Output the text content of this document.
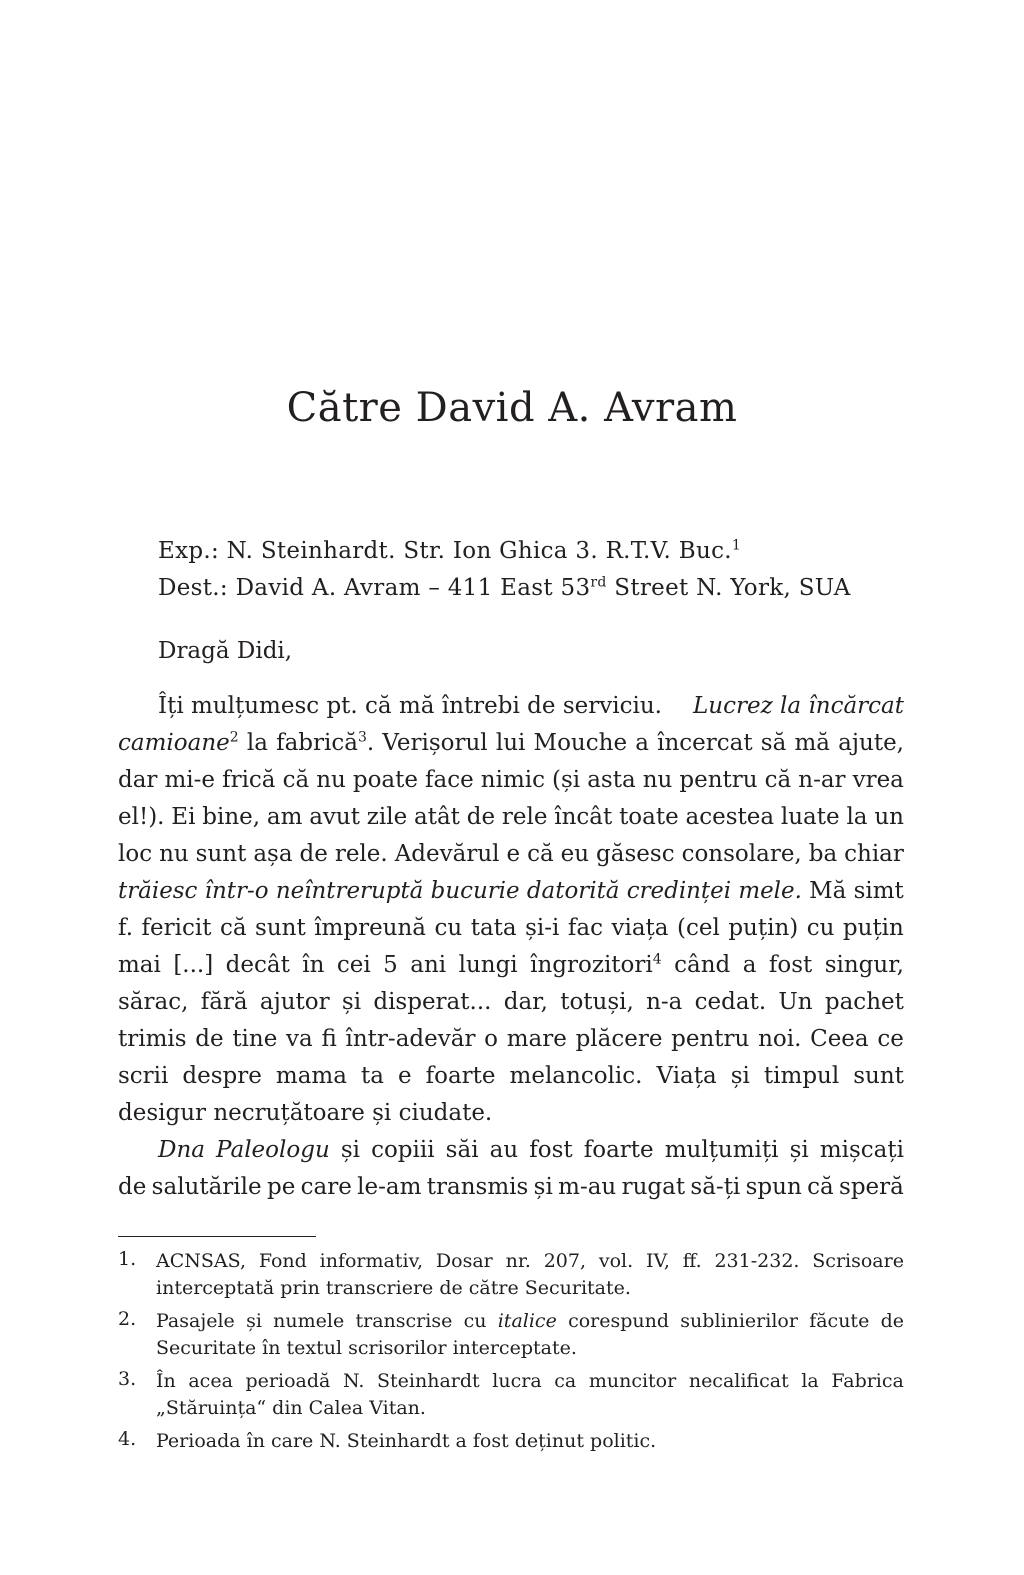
Către David A. Avram
Exp.: N. Steinhardt. Str. Ion Ghica 3. R.T.V. Buc.$^1$
Dest.: David A. Avram – 411 East 53rd Street N. York, SUA
Dragă Didi,
Îți mulțumesc pt. că mă întrebi de serviciu.	Lucrez la încărcat
camioane$^2$ la fabrică$^3$. Verișorul lui Mouche a încercat să mă ajute,
dar mi-e frică că nu poate face nimic (și asta nu pentru că n-ar vrea
el!). Ei bine, am avut zile atât de rele încât toate acestea luate la un
loc nu sunt așa de rele. Adevărul e că eu găsesc consolare, ba chiar
trăiesc într-o neîntreruptă bucurie datorită credinței mele. Mă simt
f. fericit că sunt împreună cu tata și-i fac viața (cel puțin) cu puțin
mai [...] decât în cei 5 ani lungi îngrozitori$^4$ când a fost singur,
sărac, fără ajutor și disperat... dar, totuși, n-a cedat. Un pachet
trimis de tine va fi într-adevăr o mare plăcere pentru noi. Ceea ce
scrii despre mama ta e foarte melancolic. Viața și timpul sunt
desigur necruțătoare și ciudate.
Dna Paleologu și copiii săi au fost foarte mulțumiți și mișcați
de salutările pe care le-am transmis și m-au rugat să-ți spun că speră
1.	ACNSAS, Fond informativ, Dosar nr. 207, vol. IV, ff. 231-232. Scrisoare
interceptată prin transcriere de către Securitate.
2.	Pasajele și numele transcrise cu italice corespund sublinierilor făcute de
Securitate în textul scrisorilor interceptate.
3.	În acea perioadă N. Steinhardt lucra ca muncitor necalificat la Fabrica
„Stăruința“ din Calea Vitan.
4.	Perioada în care N. Steinhardt a fost deținut politic.
